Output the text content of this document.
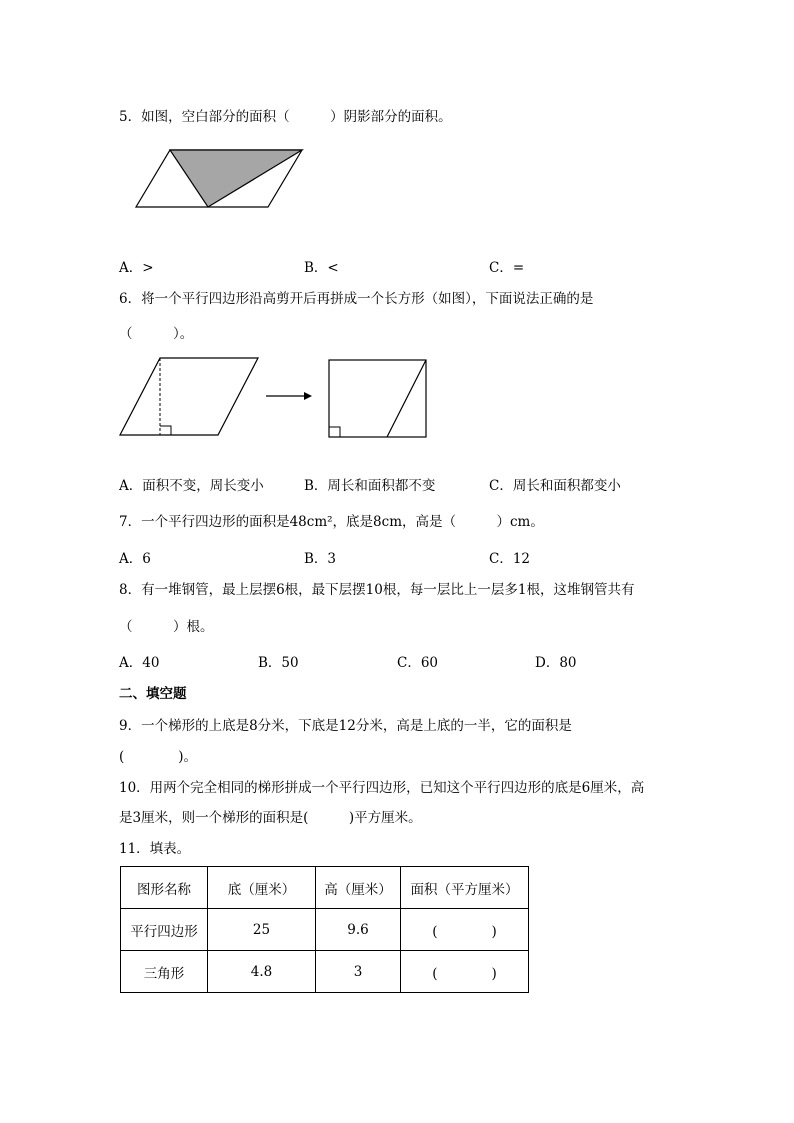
5．如图，空白部分的面积（　　　）阴影部分的面积。
A．>	B．<	C．=
6．将一个平行四边形沿高剪开后再拼成一个长方形（如图），下面说法正确的是
（　　　）。
A．面积不变，周长变小	B．周长和面积都不变	C．周长和面积都变小
7．一个平行四边形的面积是48cm²，底是8cm，高是（　　　）cm。
A．6	B．3	C．12
8．有一堆钢管，最上层摆6根，最下层摆10根，每一层比上一层多1根，这堆钢管共有
（　　　）根。
A．40	B．50	C．60	D．80
二、填空题
9．一个梯形的上底是8分米，下底是12分米，高是上底的一半，它的面积是
(　　　　)。
10．用两个完全相同的梯形拼成一个平行四边形，已知这个平行四边形的底是6厘米，高
是3厘米，则一个梯形的面积是(　　　)平方厘米。
11．填表。
图形名称	底（厘米）	高（厘米）	面积（平方厘米）
平行四边形	25	9.6	(　　　　)
三角形	4.8	3	(　　　　)
